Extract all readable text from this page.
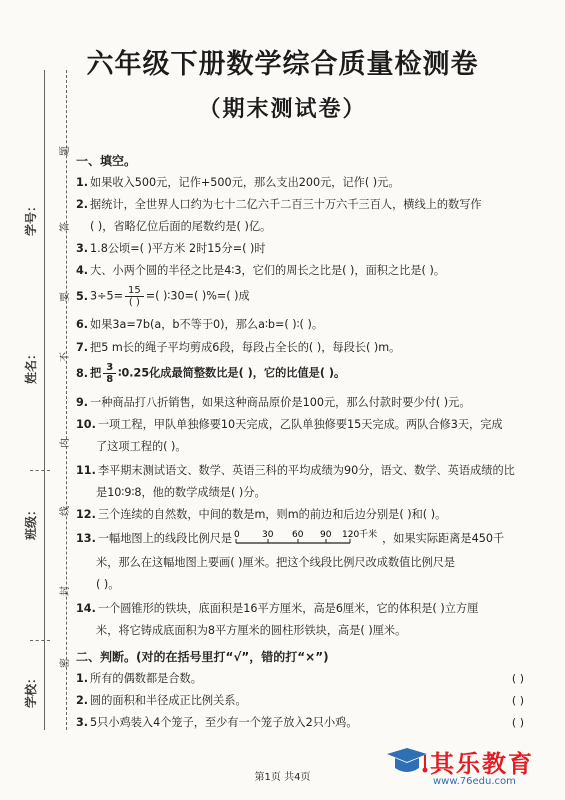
学号：
姓名：
班级：
学校：
题
答
要
不
内
线
封
密
六年级下册数学综合质量检测卷
（期末测试卷）
一、填空。
1. 如果收入500元，记作+500元，那么支出200元，记作( )元。
2. 据统计，全世界人口约为七十二亿六千二百三十万六千三百人，横线上的数写作
( )，省略亿位后面的尾数约是( )亿。
3. 1.8公顷=( )平方米 2时15分=( )时
4. 大、小两个圆的半径之比是4∶3，它们的周长之比是( )，面积之比是( )。
5. $3\div 5= \frac{15}{( )}$ =( )∶30=( )%=( )成
6. 如果3a=7b(a，b不等于0)，那么a∶b=( )∶( )。
7. 把5 m长的绳子平均剪成6段，每段占全长的( )，每段长( )m。
8. 把 $\frac{3}{8}$ ∶0.25化成最简整数比是( )，它的比值是( )。
9. 一种商品打八折销售，如果这种商品原价是100元，那么付款时要少付( )元。
10. 一项工程，甲队单独修要10天完成，乙队单独修要15天完成。两队合修3天，完成
了这项工程的( )。
11. 李平期末测试语文、数学、英语三科的平均成绩为90分，语文、数学、英语成绩的比
是10∶9∶8，他的数学成绩是( )分。
12. 三个连续的自然数，中间的数是m，则m的前边和后边分别是( )和( )。
13. 一幅地图上的线段比例尺是 0 30 60 90 120千米 ，如果实际距离是450千
米，那么在这幅地图上要画( )厘米。把这个线段比例尺改成数值比例尺是
( )。
14. 一个圆锥形的铁块，底面积是16平方厘米，高是6厘米，它的体积是( )立方厘
米，将它铸成底面积为8平方厘米的圆柱形铁块，高是( )厘米。
二、判断。(对的在括号里打“√”，错的打“×”)
1. 所有的偶数都是合数。	( )
2. 圆的面积和半径成正比例关系。	( )
3. 5只小鸡装入4个笼子，至少有一个笼子放入2只小鸡。	( )
第1页 共4页	其乐教育
www.76edu.com
